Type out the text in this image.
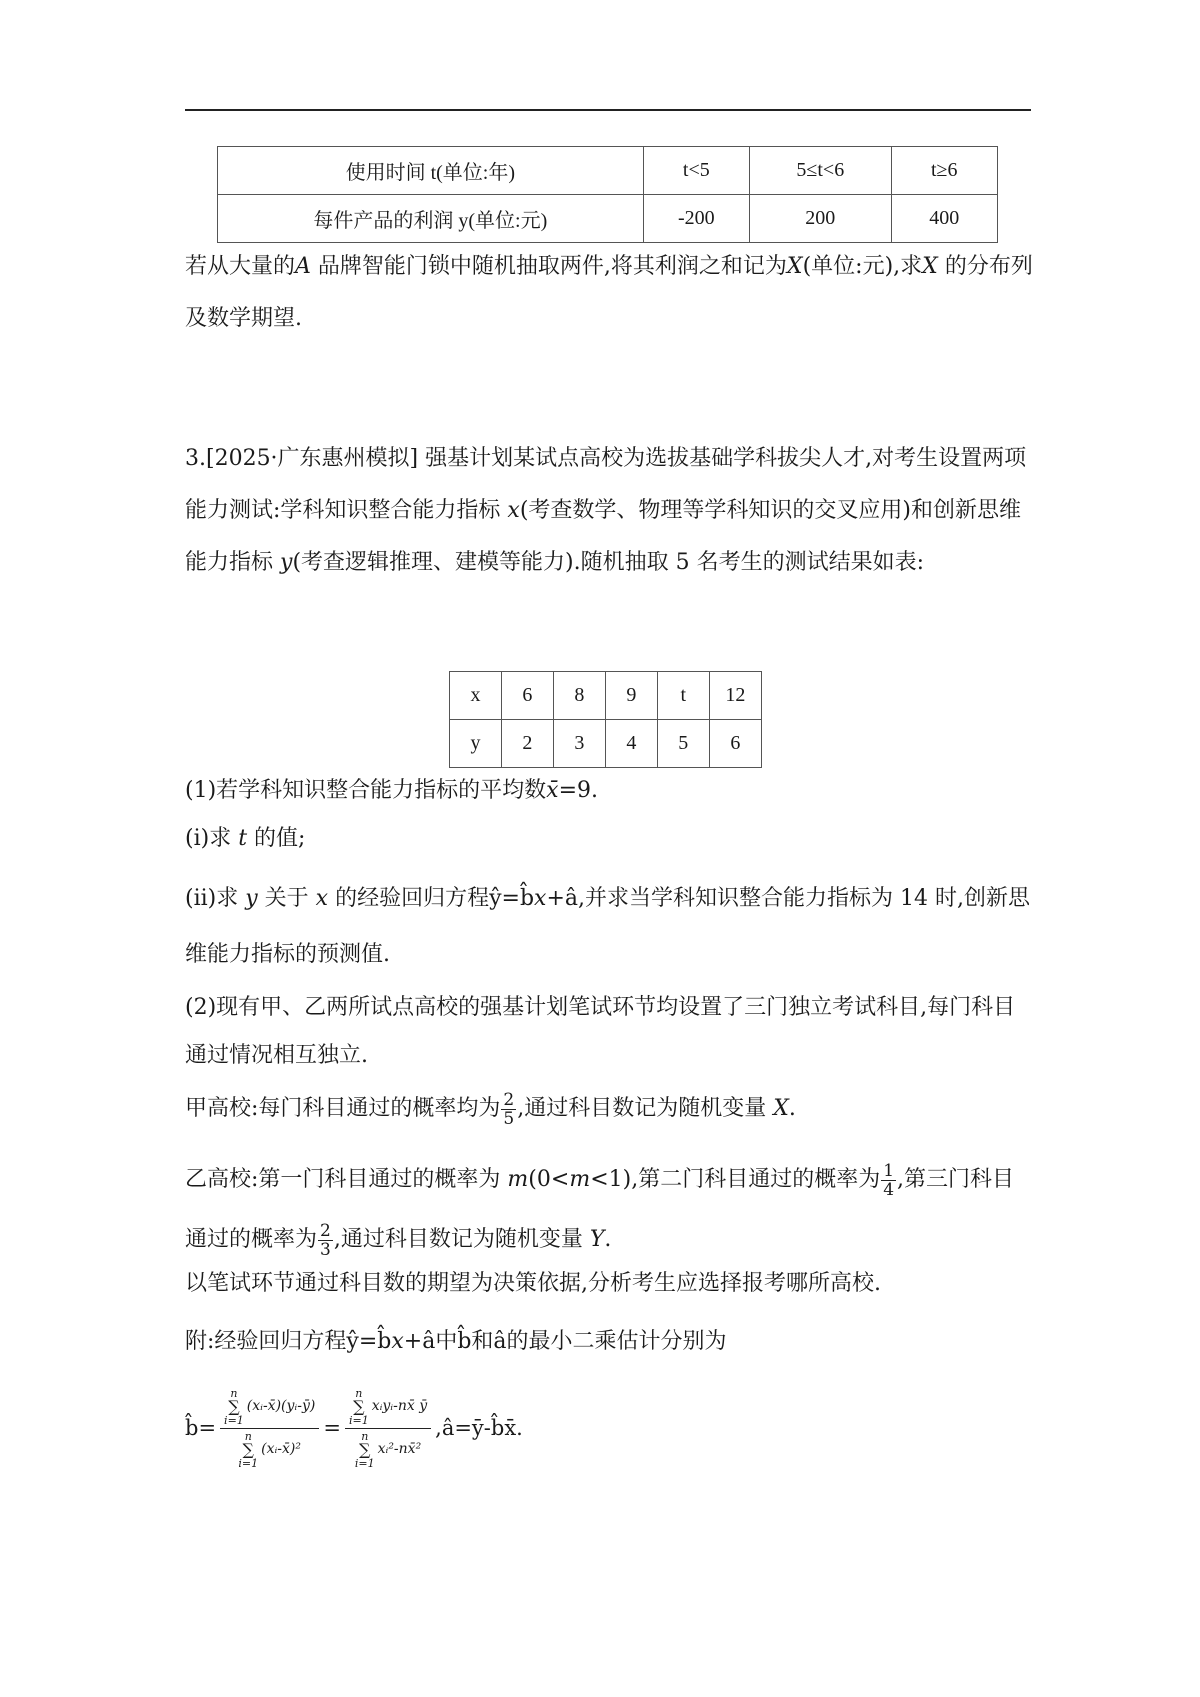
使用时间 t(单位:年)	t<5	5≤t<6	t≥6
每件产品的利润 y(单位:元)	-200	200	400

若从大量的A 品牌智能门锁中随机抽取两件,将其利润之和记为X(单位:元),求X 的分布列及数学期望.

3.[2025·广东惠州模拟] 强基计划某试点高校为选拔基础学科拔尖人才,对考生设置两项能力测试:学科知识整合能力指标 x(考查数学、物理等学科知识的交叉应用)和创新思维能力指标 y(考查逻辑推理、建模等能力).随机抽取 5 名考生的测试结果如表:

x	6	8	9	t	12
y	2	3	4	5	6

(1)若学科知识整合能力指标的平均数x̄=9.

(i)求 t 的值;

(ii)求 y 关于 x 的经验回归方程ŷ=b̂x+â,并求当学科知识整合能力指标为 14 时,创新思维能力指标的预测值.

(2)现有甲、乙两所试点高校的强基计划笔试环节均设置了三门独立考试科目,每门科目通过情况相互独立.

甲高校:每门科目通过的概率均为 $\frac{2}{5}$ ,通过科目数记为随机变量 X.

乙高校:第一门科目通过的概率为 m(0<m<1),第二门科目通过的概率为 $\frac{1}{4}$ ,第三门科目通过的概率为 $\frac{2}{3}$ ,通过科目数记为随机变量 Y.

以笔试环节通过科目数的期望为决策依据,分析考生应选择报考哪所高校.

附:经验回归方程ŷ=b̂x+â中b̂和â的最小二乘估计分别为

b̂= n
∑
i=1
(xᵢ-x̄)(yᵢ-ȳ)
n
∑
i=1
(xᵢ-x̄)² =
n
∑
i=1
xᵢyᵢ-nx̄ ȳ
n
∑
i=1
xᵢ²-nx̄²
,â=ȳ-b̂x̄.
